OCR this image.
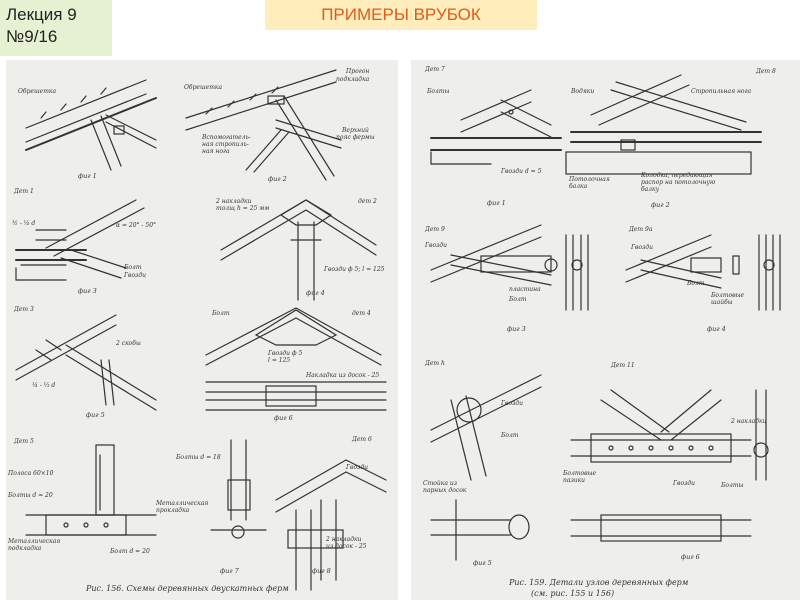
Лекция 9
№9/16
ПРИМЕРЫ ВРУБОК
Обрешетка
фиг 1
Обрешетка
Прогон
подкладка
Вспомогатель-
ная стропиль-
ная нога
Верхний
пояс фермы
фиг 2
Дет 1
½ - ¼ d	α = 20° - 50°
Болт
Гвозди
фиг 3
2 накладки
толщ h = 25 мм
дет 2
Гвозди ф 5; l = 125
фиг 4
Дет 3
2 скобы
¼ - ⅓ d
фиг 5
Болт	дет 4
Гвозди ф 5
l = 125
Накладка из досок - 25
фиг 6
Дет 5
Полоса 60×10
Болты d = 20
Металлическая
подкладка	Болт d = 20
Болты d = 18
Металлическая
прокладка
фиг 7
Дет 6
Гвозди
2 накладки
из досок - 25
фиг 8
Рис. 156. Схемы деревянных двускатных ферм
Дет 7
Болты
Гвозди d = 5
фиг 1
Дет 8
Водяки	Стропильная нога
Потолочная
балка
Колодка, передающая
распор на потолочную
балку
фиг 2
Дет 9
Гвозди
пластина
Болт
фиг 3
Дет 9а
Гвозди
Болт
Болтовые
шайбы
фиг 4
Дет h
Гвозди
Болт
Стойка из
парных досок
фиг 5
Дет 11
2 накладки
Болтовые
пазики	Гвозди	Болты
фиг 6
Рис. 159. Детали узлов деревянных ферм
(см. рис. 155 и 156)
